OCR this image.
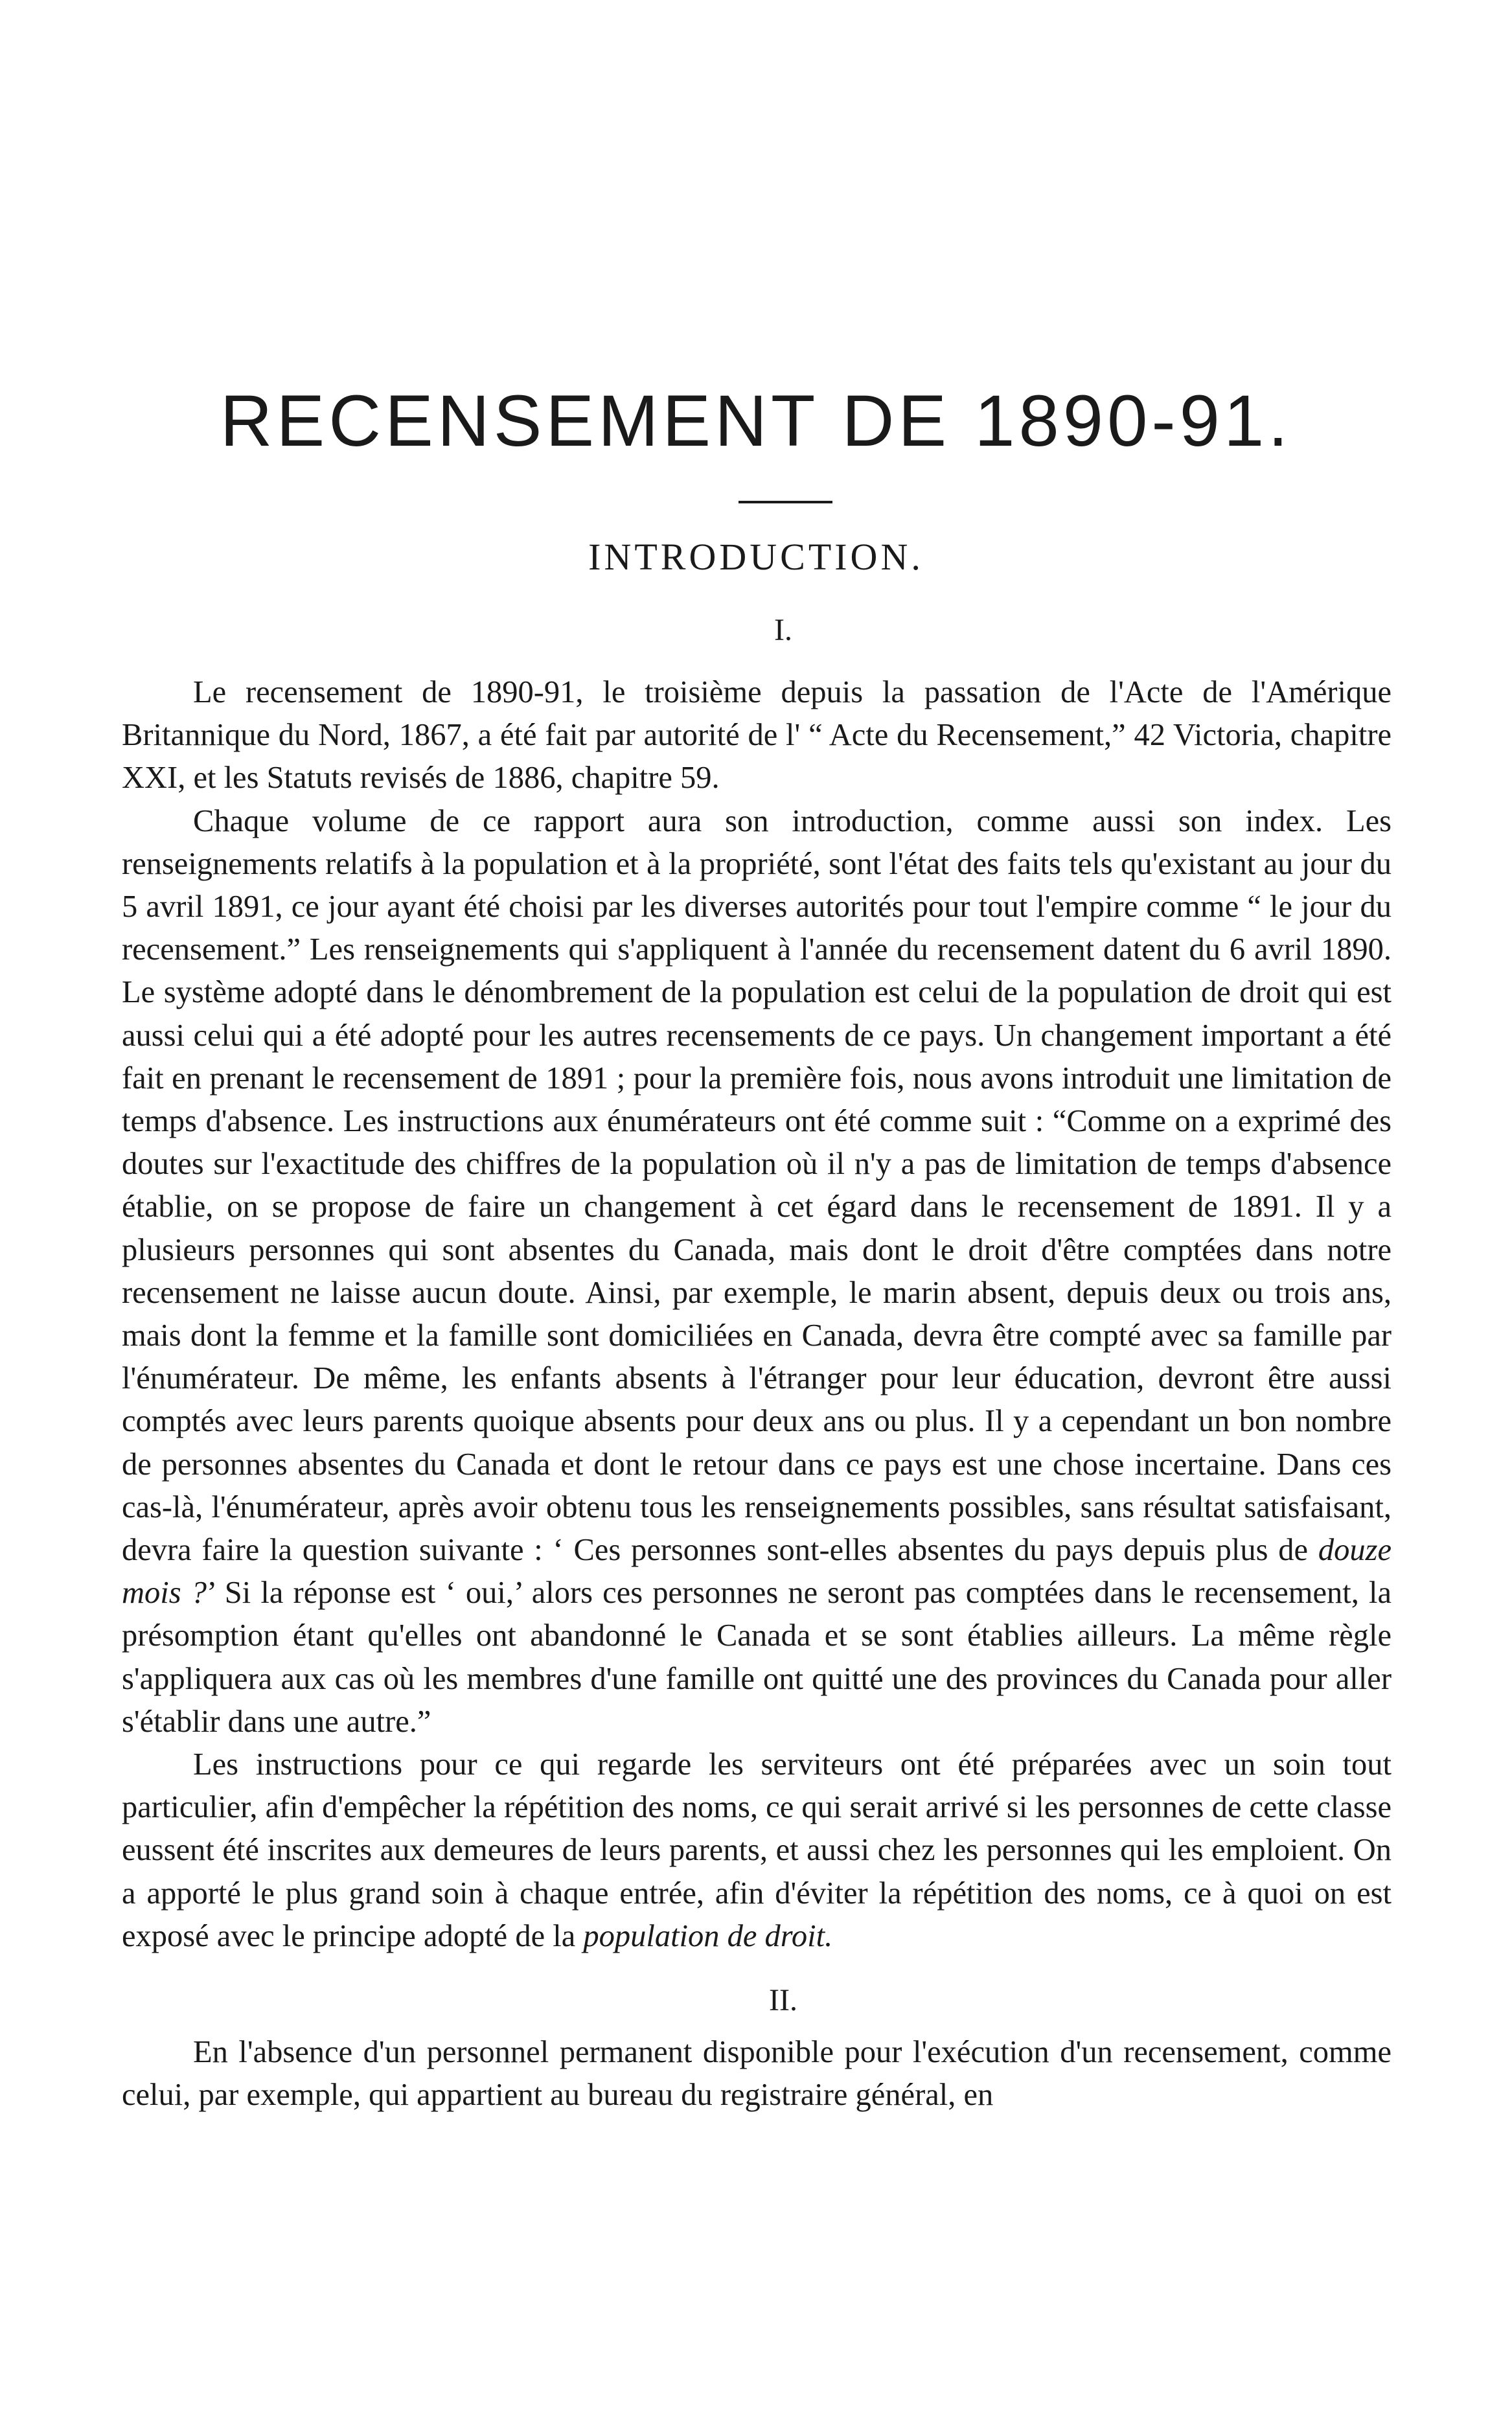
RECENSEMENT DE 1890-91.
INTRODUCTION.
I.

Le recensement de 1890-91, le troisième depuis la passation de l'Acte de l'Amérique Britannique du Nord, 1867, a été fait par autorité de l' “ Acte du Recensement,” 42 Victoria, chapitre XXI, et les Statuts revisés de 1886, chapitre 59.

Chaque volume de ce rapport aura son introduction, comme aussi son index. Les renseignements relatifs à la population et à la propriété, sont l'état des faits tels qu'existant au jour du 5 avril 1891, ce jour ayant été choisi par les diverses autorités pour tout l'empire comme “ le jour du recensement.” Les renseignements qui s'appliquent à l'année du recensement datent du 6 avril 1890. Le système adopté dans le dénombrement de la population est celui de la population de droit qui est aussi celui qui a été adopté pour les autres recensements de ce pays. Un changement important a été fait en prenant le recensement de 1891 ; pour la première fois, nous avons introduit une limitation de temps d'absence. Les instructions aux énumérateurs ont été comme suit : “Comme on a exprimé des doutes sur l'exactitude des chiffres de la population où il n'y a pas de limitation de temps d'absence établie, on se propose de faire un changement à cet égard dans le recensement de 1891. Il y a plusieurs personnes qui sont absentes du Canada, mais dont le droit d'être comptées dans notre recensement ne laisse aucun doute. Ainsi, par exemple, le marin absent, depuis deux ou trois ans, mais dont la femme et la famille sont domiciliées en Canada, devra être compté avec sa famille par l'énumérateur. De même, les enfants absents à l'étranger pour leur éducation, devront être aussi comptés avec leurs parents quoique absents pour deux ans ou plus. Il y a cependant un bon nombre de personnes absentes du Canada et dont le retour dans ce pays est une chose incertaine. Dans ces cas-là, l'énumérateur, après avoir obtenu tous les renseignements possibles, sans résultat satisfaisant, devra faire la question suivante : ‘ Ces personnes sont-elles absentes du pays depuis plus de douze mois ?’ Si la réponse est ‘ oui,’ alors ces personnes ne seront pas comptées dans le recensement, la présomption étant qu'elles ont abandonné le Canada et se sont établies ailleurs. La même règle s'appliquera aux cas où les membres d'une famille ont quitté une des provinces du Canada pour aller s'établir dans une autre.”

Les instructions pour ce qui regarde les serviteurs ont été préparées avec un soin tout particulier, afin d'empêcher la répétition des noms, ce qui serait arrivé si les personnes de cette classe eussent été inscrites aux demeures de leurs parents, et aussi chez les personnes qui les emploient. On a apporté le plus grand soin à chaque entrée, afin d'éviter la répétition des noms, ce à quoi on est exposé avec le principe adopté de la population de droit.

II.

En l'absence d'un personnel permanent disponible pour l'exécution d'un recensement, comme celui, par exemple, qui appartient au bureau du registraire général, en
